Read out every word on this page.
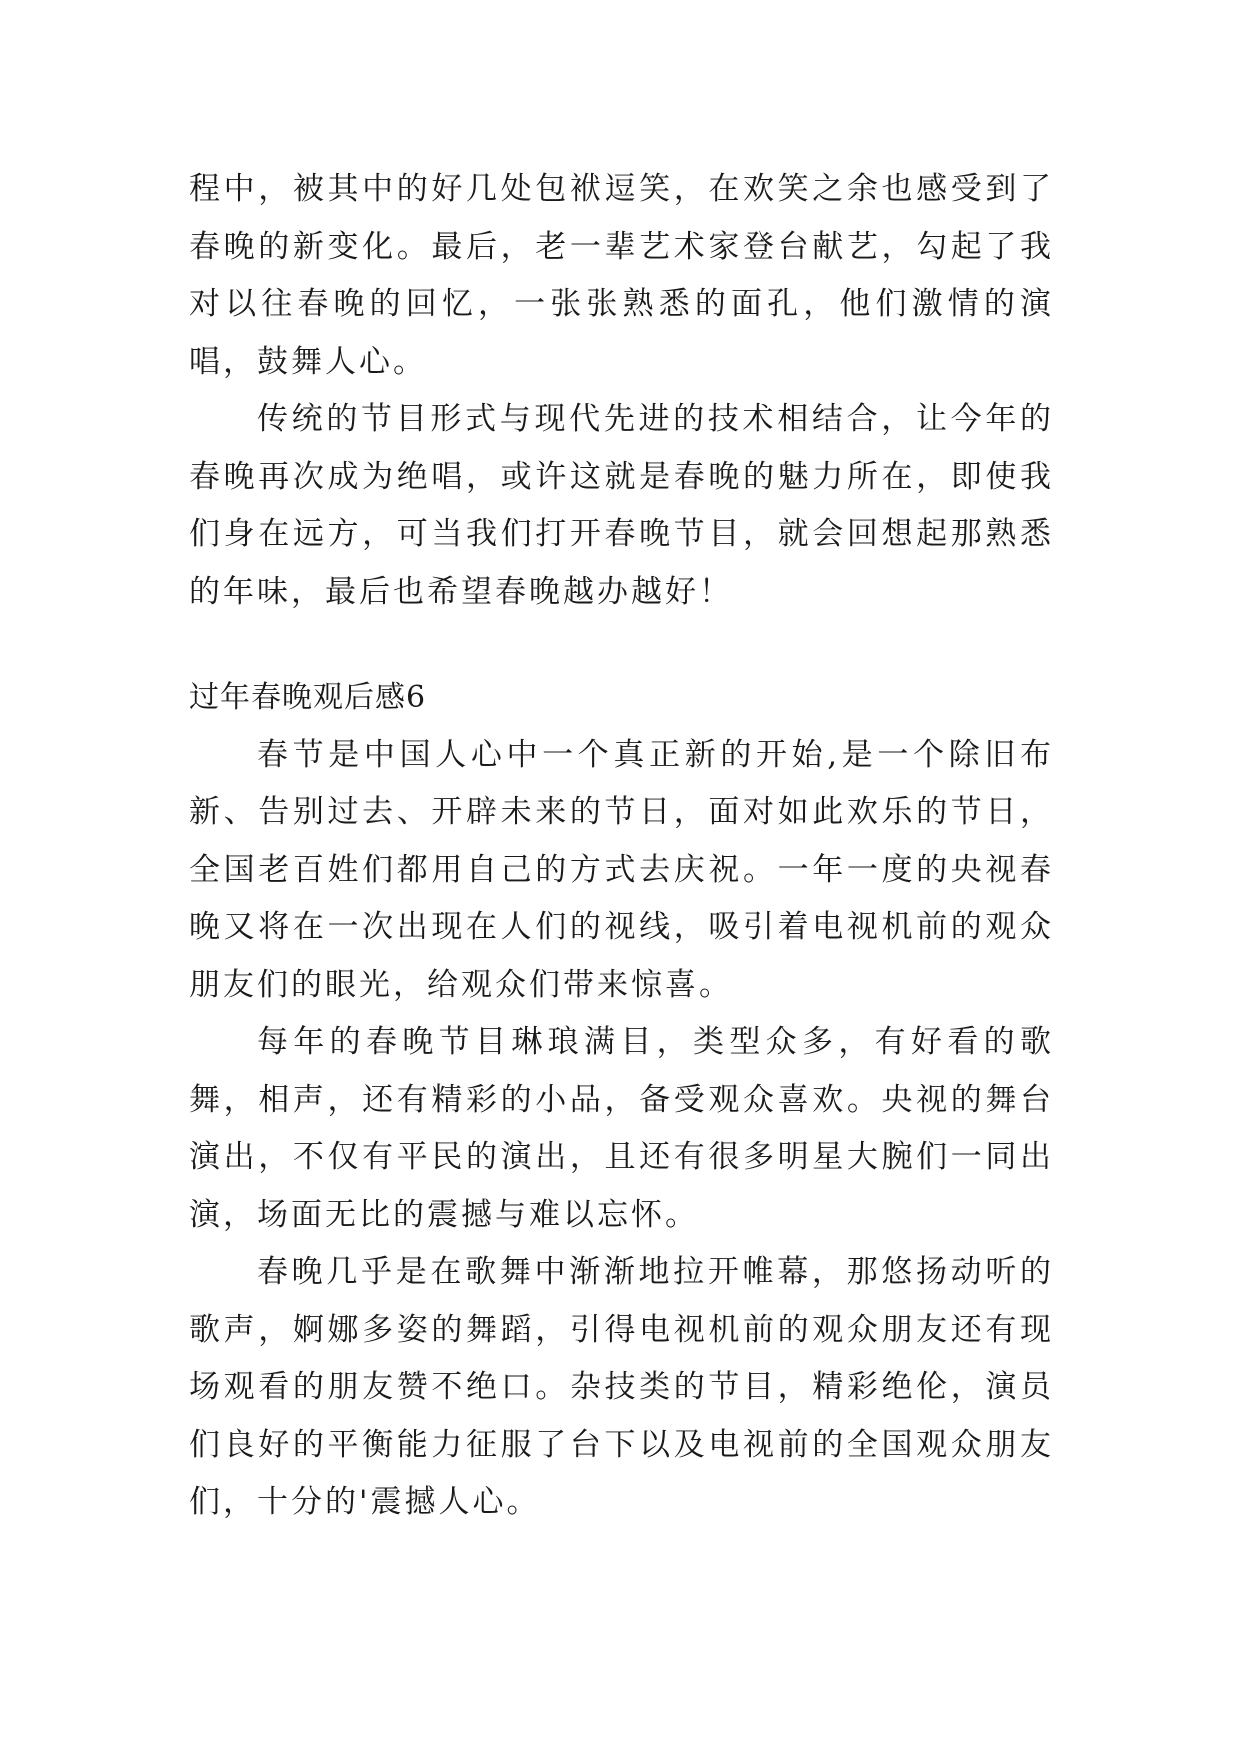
程中，被其中的好几处包袱逗笑，在欢笑之余也感受到了春晚的新变化。最后，老一辈艺术家登台献艺，勾起了我对以往春晚的回忆，一张张熟悉的面孔，他们激情的演唱，鼓舞人心。

传统的节目形式与现代先进的技术相结合，让今年的春晚再次成为绝唱，或许这就是春晚的魅力所在，即使我们身在远方，可当我们打开春晚节目，就会回想起那熟悉的年味，最后也希望春晚越办越好！

过年春晚观后感6

春节是中国人心中一个真正新的开始,是一个除旧布新、告别过去、开辟未来的节日，面对如此欢乐的节日，全国老百姓们都用自己的方式去庆祝。一年一度的央视春晚又将在一次出现在人们的视线，吸引着电视机前的观众朋友们的眼光，给观众们带来惊喜。

每年的春晚节目琳琅满目，类型众多，有好看的歌舞，相声，还有精彩的小品，备受观众喜欢。央视的舞台演出，不仅有平民的演出，且还有很多明星大腕们一同出演，场面无比的震撼与难以忘怀。

春晚几乎是在歌舞中渐渐地拉开帷幕，那悠扬动听的歌声，婀娜多姿的舞蹈，引得电视机前的观众朋友还有现场观看的朋友赞不绝口。杂技类的节目，精彩绝伦，演员们良好的平衡能力征服了台下以及电视前的全国观众朋友们，十分的'震撼人心。
